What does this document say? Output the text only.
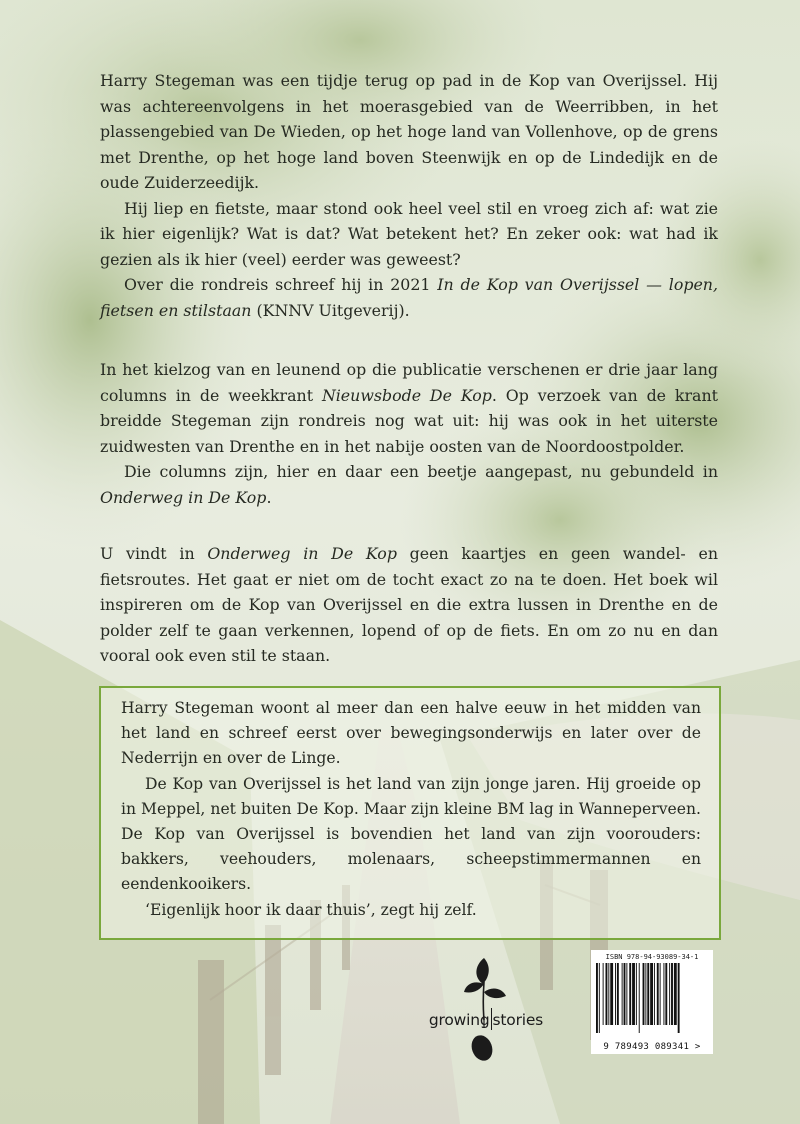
Harry Stegeman was een tijdje terug op pad in de Kop van Overijssel. Hij was achtereenvolgens in het moerasgebied van de Weerribben, in het plassengebied van De Wieden, op het hoge land van Vollenhove, op de grens met Drenthe, op het hoge land boven Steenwijk en op de Lindedijk en de oude Zuiderzeedijk.

Hij liep en fietste, maar stond ook heel veel stil en vroeg zich af: wat zie ik hier eigenlijk? Wat is dat? Wat betekent het? En zeker ook: wat had ik gezien als ik hier (veel) eerder was geweest?

Over die rondreis schreef hij in 2021 In de Kop van Overijssel — lopen, fietsen en stilstaan (KNNV Uitgeverij).

In het kielzog van en leunend op die publicatie verschenen er drie jaar lang columns in de weekkrant Nieuwsbode De Kop. Op verzoek van de krant breidde Stegeman zijn rondreis nog wat uit: hij was ook in het uiterste zuidwesten van Drenthe en in het nabije oosten van de Noordoostpolder.

Die columns zijn, hier en daar een beetje aangepast, nu gebundeld in Onderweg in De Kop.

U vindt in Onderweg in De Kop geen kaartjes en geen wandel- en fietsroutes. Het gaat er niet om de tocht exact zo na te doen. Het boek wil inspireren om de Kop van Overijssel en die extra lussen in Drenthe en de polder zelf te gaan verkennen, lopend of op de fiets. En om zo nu en dan vooral ook even stil te staan.

Harry Stegeman woont al meer dan een halve eeuw in het midden van het land en schreef eerst over bewegingsonderwijs en later over de Nederrijn en over de Linge.

De Kop van Overijssel is het land van zijn jonge jaren. Hij groeide op in Meppel, net buiten De Kop. Maar zijn kleine BM lag in Wanneperveen. De Kop van Overijssel is bovendien het land van zijn voorouders: bakkers, veehouders, molenaars, scheepstimmermannen en eendenkooikers.

‘Eigenlijk hoor ik daar thuis’, zegt hij zelf.

growing stories
ISBN 978-94-93089-34-1
9 789493 089341 >
